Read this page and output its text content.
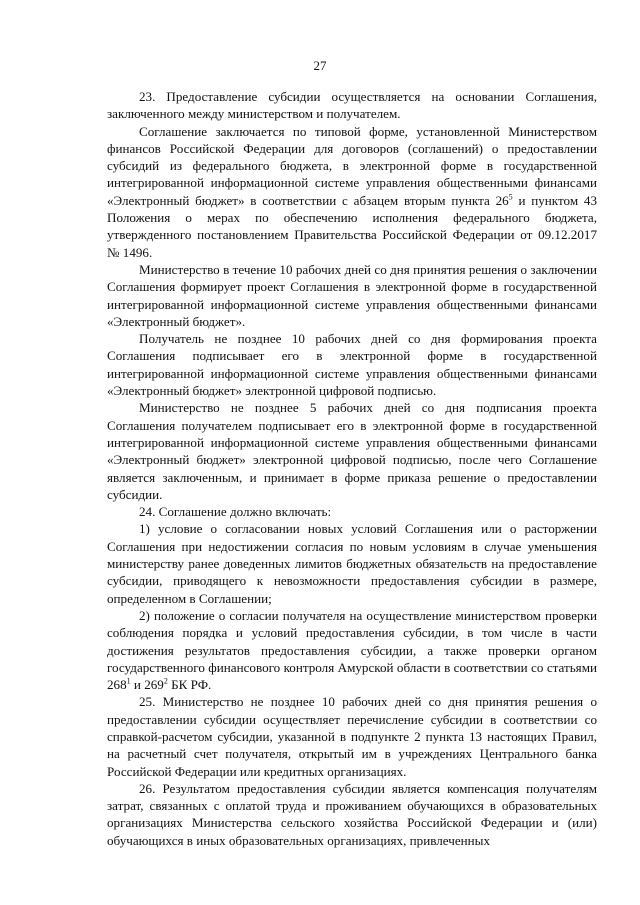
27

23. Предоставление субсидии осуществляется на основании Соглашения, заключенного между министерством и получателем.

Соглашение заключается по типовой форме, установленной Министерством финансов Российской Федерации для договоров (соглашений) о предоставлении субсидий из федерального бюджета, в электронной форме в государственной интегрированной информационной системе управления общественными финансами «Электронный бюджет» в соответствии с абзацем вторым пункта $26^5$ и пунктом 43 Положения о мерах по обеспечению исполнения федерального бюджета, утвержденного постановлением Правительства Российской Федерации от 09.12.2017 № 1496.

Министерство в течение 10 рабочих дней со дня принятия решения о заключении Соглашения формирует проект Соглашения в электронной форме в государственной интегрированной информационной системе управления общественными финансами «Электронный бюджет».

Получатель не позднее 10 рабочих дней со дня формирования проекта Соглашения подписывает его в электронной форме в государственной интегрированной информационной системе управления общественными финансами «Электронный бюджет» электронной цифровой подписью.

Министерство не позднее 5 рабочих дней со дня подписания проекта Соглашения получателем подписывает его в электронной форме в государственной интегрированной информационной системе управления общественными финансами «Электронный бюджет» электронной цифровой подписью, после чего Соглашение является заключенным, и принимает в форме приказа решение о предоставлении субсидии.

24. Соглашение должно включать:

1) условие о согласовании новых условий Соглашения или о расторжении Соглашения при недостижении согласия по новым условиям в случае уменьшения министерству ранее доведенных лимитов бюджетных обязательств на предоставление субсидии, приводящего к невозможности предоставления субсидии в размере, определенном в Соглашении;

2) положение о согласии получателя на осуществление министерством проверки соблюдения порядка и условий предоставления субсидии, в том числе в части достижения результатов предоставления субсидии, а также проверки органом государственного финансового контроля Амурской области в соответствии со статьями $268^1$ и $269^2$ БК РФ.

25. Министерство не позднее 10 рабочих дней со дня принятия решения о предоставлении субсидии осуществляет перечисление субсидии в соответствии со справкой-расчетом субсидии, указанной в подпункте 2 пункта 13 настоящих Правил, на расчетный счет получателя, открытый им в учреждениях Центрального банка Российской Федерации или кредитных организациях.

26. Результатом предоставления субсидии является компенсация получателям затрат, связанных с оплатой труда и проживанием обучающихся в образовательных организациях Министерства сельского хозяйства Российской Федерации и (или) обучающихся в иных образовательных организациях, привлеченных
